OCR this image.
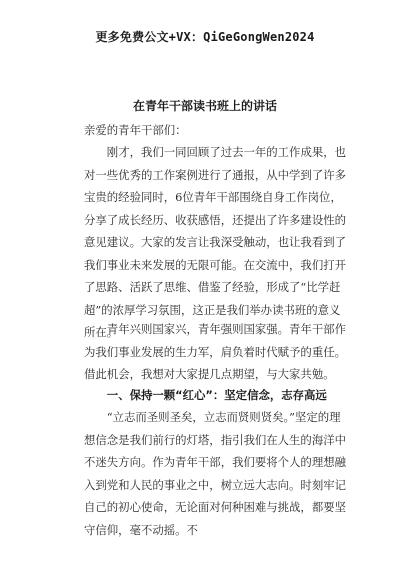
更多免费公文+VX：QiGeGongWen2024
在青年干部读书班上的讲话
亲爱的青年干部们：
刚才，我们一同回顾了过去一年的工作成果，也对一些优秀的工作案例进行了通报，从中学到了许多宝贵的经验同时，6位青年干部围绕自身工作岗位，分享了成长经历、收获感悟，还提出了许多建设性的意见建议。大家的发言让我深受触动，也让我看到了我们事业未来发展的无限可能。在交流中，我们打开了思路、活跃了思维、借鉴了经验，形成了“比学赶超”的浓厚学习氛围，这正是我们举办读书班的意义所在。
青年兴则国家兴，青年强则国家强。青年干部作为我们事业发展的生力军，肩负着时代赋予的重任。借此机会，我想对大家提几点期望，与大家共勉。
一、保持一颗“红心”：坚定信念，志存高远
“立志而圣则圣矣，立志而贤则贤矣。”坚定的理想信念是我们前行的灯塔，指引我们在人生的海洋中不迷失方向。作为青年干部，我们要将个人的理想融入到党和人民的事业之中，树立远大志向。时刻牢记自己的初心使命，无论面对何种困难与挑战，都要坚守信仰，毫不动摇。不
